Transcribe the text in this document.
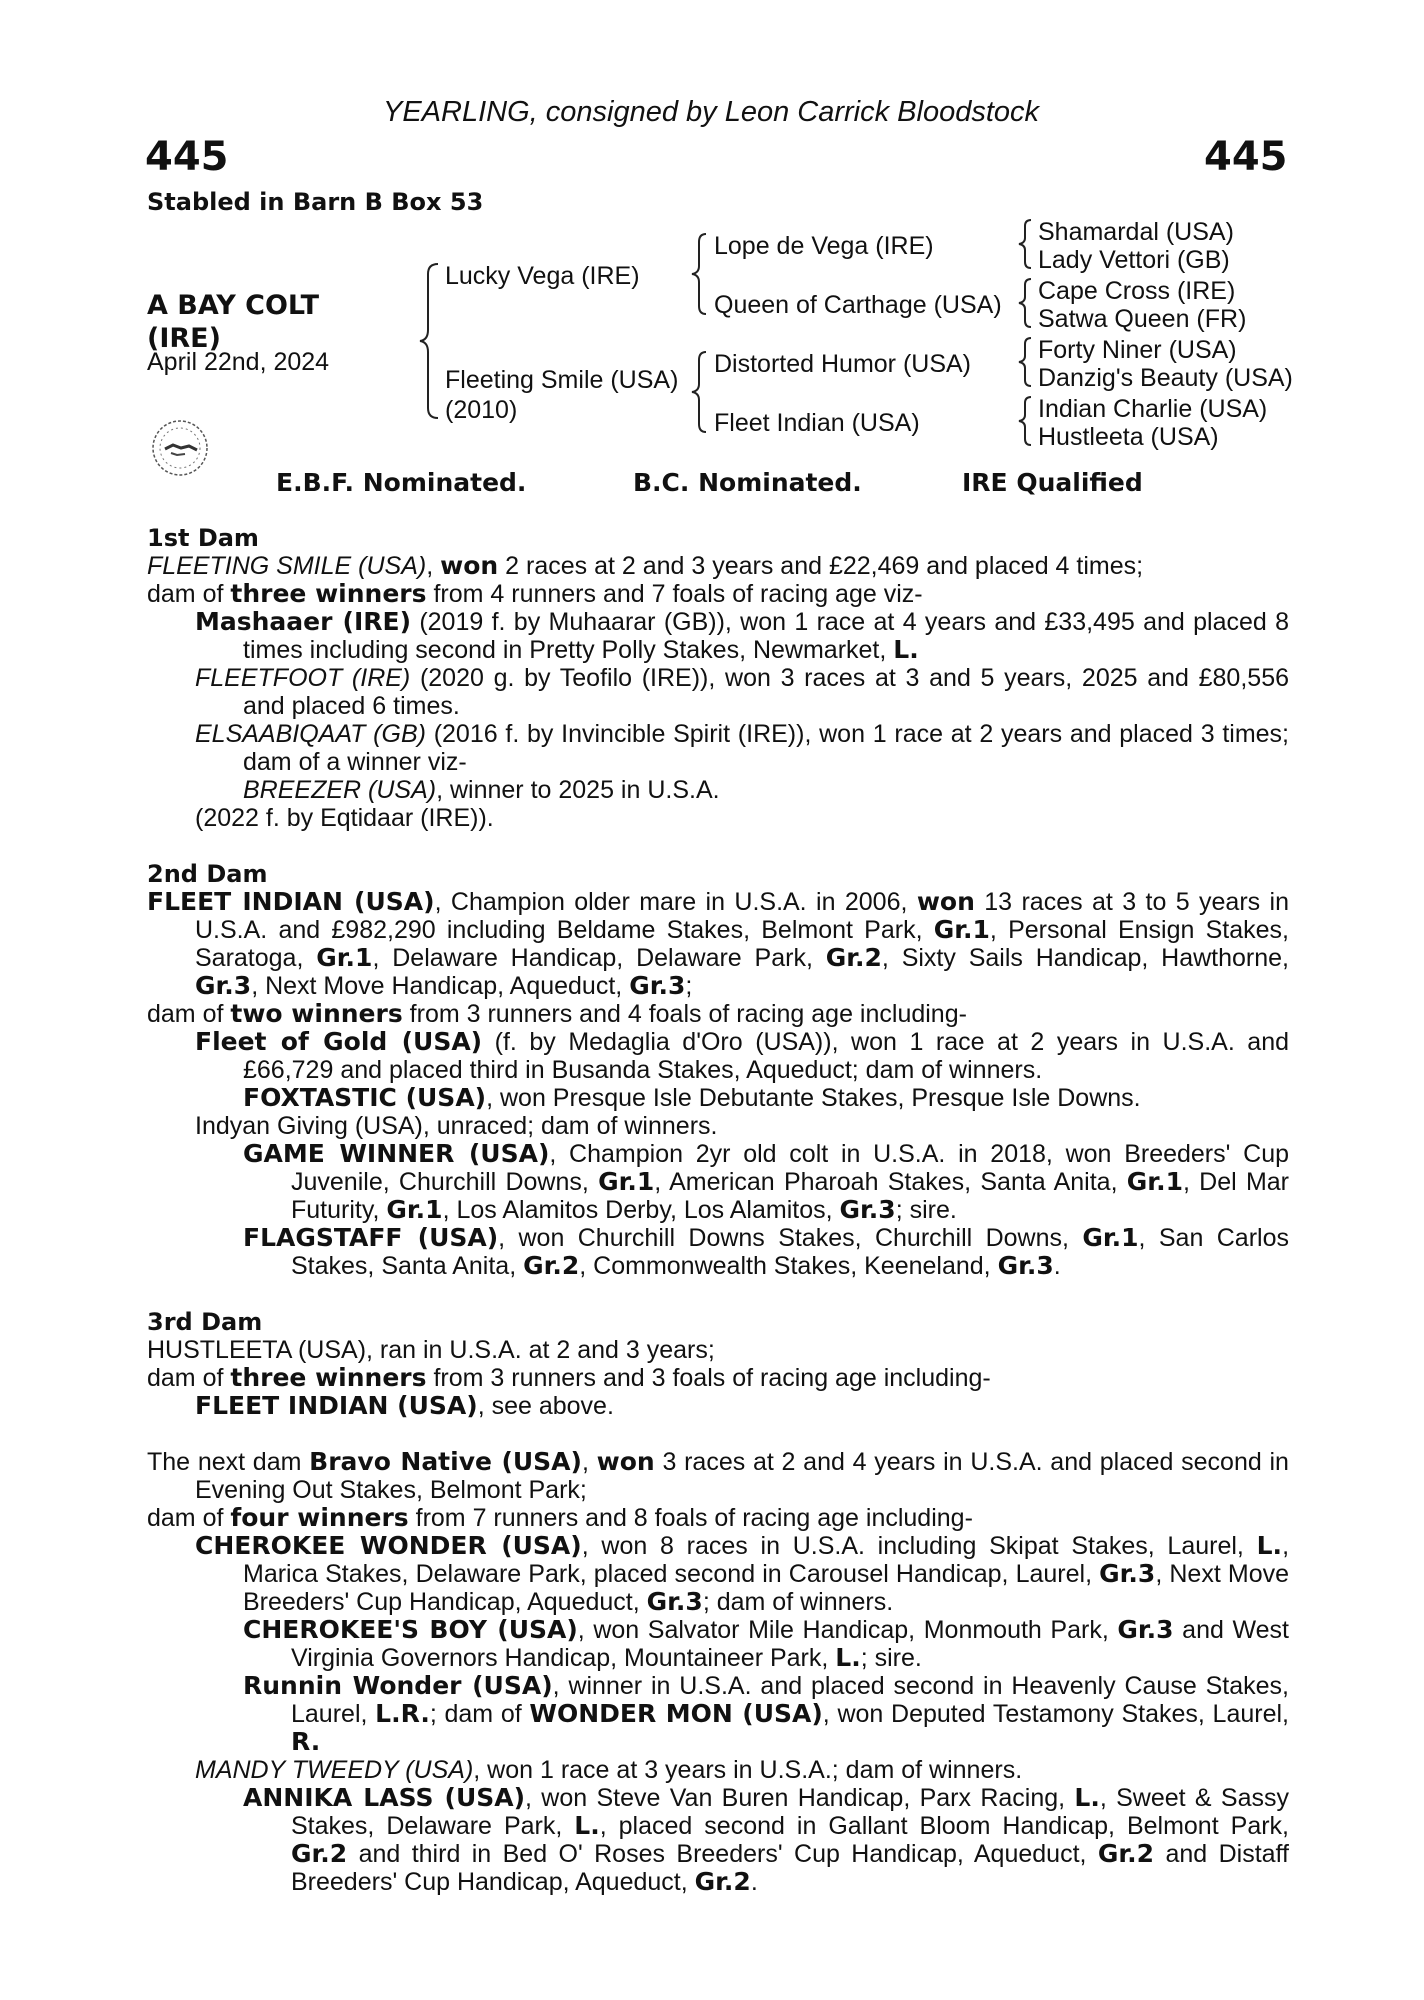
YEARLING, consigned by Leon Carrick Bloodstock
445	445
Stabled in Barn B Box 53
A BAY COLT
(IRE)
April 22nd, 2024
Lucky Vega (IRE)
Fleeting Smile (USA)
(2010)
Lope de Vega (IRE)
Queen of Carthage (USA)
Distorted Humor (USA)
Fleet Indian (USA)
Shamardal (USA)
Lady Vettori (GB)
Cape Cross (IRE)
Satwa Queen (FR)
Forty Niner (USA)
Danzig's Beauty (USA)
Indian Charlie (USA)
Hustleeta (USA)
E.B.F. Nominated.	B.C. Nominated.	IRE Qualified
1st Dam

FLEETING SMILE (USA), won 2 races at 2 and 3 years and £22,469 and placed 4 times;

dam of three winners from 4 runners and 7 foals of racing age viz-

Mashaaer (IRE) (2019 f. by Muhaarar (GB)), won 1 race at 4 years and £33,495 and placed 8 times including second in Pretty Polly Stakes, Newmarket, L.

FLEETFOOT (IRE) (2020 g. by Teofilo (IRE)), won 3 races at 3 and 5 years, 2025 and £80,556 and placed 6 times.

ELSAABIQAAT (GB) (2016 f. by Invincible Spirit (IRE)), won 1 race at 2 years and placed 3 times; dam of a winner viz-

BREEZER (USA), winner to 2025 in U.S.A.

(2022 f. by Eqtidaar (IRE)).

2nd Dam

FLEET INDIAN (USA), Champion older mare in U.S.A. in 2006, won 13 races at 3 to 5 years in U.S.A. and £982,290 including Beldame Stakes, Belmont Park, Gr.1, Personal Ensign Stakes, Saratoga, Gr.1, Delaware Handicap, Delaware Park, Gr.2, Sixty Sails Handicap, Hawthorne, Gr.3, Next Move Handicap, Aqueduct, Gr.3;

dam of two winners from 3 runners and 4 foals of racing age including-

Fleet of Gold (USA) (f. by Medaglia d'Oro (USA)), won 1 race at 2 years in U.S.A. and £66,729 and placed third in Busanda Stakes, Aqueduct; dam of winners.

FOXTASTIC (USA), won Presque Isle Debutante Stakes, Presque Isle Downs.

Indyan Giving (USA), unraced; dam of winners.

GAME WINNER (USA), Champion 2yr old colt in U.S.A. in 2018, won Breeders' Cup Juvenile, Churchill Downs, Gr.1, American Pharoah Stakes, Santa Anita, Gr.1, Del Mar Futurity, Gr.1, Los Alamitos Derby, Los Alamitos, Gr.3; sire.

FLAGSTAFF (USA), won Churchill Downs Stakes, Churchill Downs, Gr.1, San Carlos Stakes, Santa Anita, Gr.2, Commonwealth Stakes, Keeneland, Gr.3.

3rd Dam

HUSTLEETA (USA), ran in U.S.A. at 2 and 3 years;

dam of three winners from 3 runners and 3 foals of racing age including-

FLEET INDIAN (USA), see above.

The next dam Bravo Native (USA), won 3 races at 2 and 4 years in U.S.A. and placed second in Evening Out Stakes, Belmont Park;

dam of four winners from 7 runners and 8 foals of racing age including-

CHEROKEE WONDER (USA), won 8 races in U.S.A. including Skipat Stakes, Laurel, L., Marica Stakes, Delaware Park, placed second in Carousel Handicap, Laurel, Gr.3, Next Move Breeders' Cup Handicap, Aqueduct, Gr.3; dam of winners.

CHEROKEE'S BOY (USA), won Salvator Mile Handicap, Monmouth Park, Gr.3 and West Virginia Governors Handicap, Mountaineer Park, L.; sire.

Runnin Wonder (USA), winner in U.S.A. and placed second in Heavenly Cause Stakes, Laurel, L.R.; dam of WONDER MON (USA), won Deputed Testamony Stakes, Laurel, R.

MANDY TWEEDY (USA), won 1 race at 3 years in U.S.A.; dam of winners.

ANNIKA LASS (USA), won Steve Van Buren Handicap, Parx Racing, L., Sweet & Sassy Stakes, Delaware Park, L., placed second in Gallant Bloom Handicap, Belmont Park, Gr.2 and third in Bed O' Roses Breeders' Cup Handicap, Aqueduct, Gr.2 and Distaff Breeders' Cup Handicap, Aqueduct, Gr.2.
